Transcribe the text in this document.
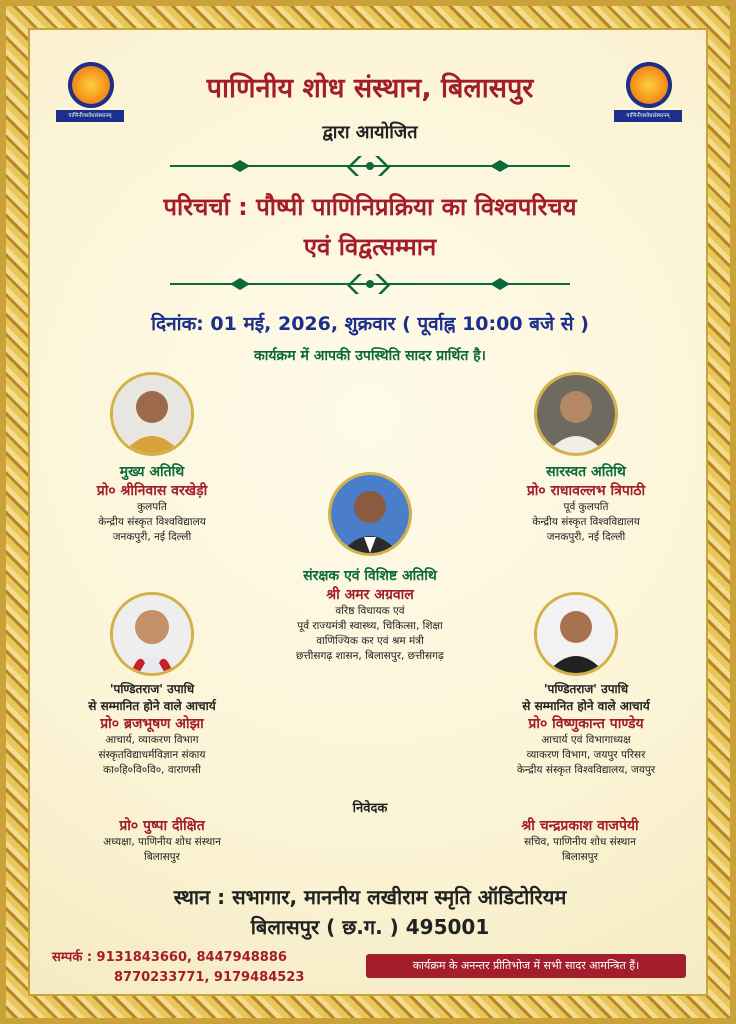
पाणिनीयशोधसंस्थानम्	पाणिनीयशोधसंस्थानम्
पाणिनीय शोध संस्थान, बिलासपुर
द्वारा आयोजित
परिचर्चा : पौष्पी पाणिनिप्रक्रिया का विश्वपरिचय
एवं विद्वत्सम्मान
दिनांक: 01 मई, 2026, शुक्रवार ( पूर्वाह्न 10:00 बजे से )
कार्यक्रम में आपकी उपस्थिति सादर प्रार्थित है।
मुख्य अतिथि
प्रो० श्रीनिवास वरखेड़ी
कुलपति
केन्द्रीय संस्कृत विश्वविद्यालय
जनकपुरी, नई दिल्ली
सारस्वत अतिथि
प्रो० राधावल्लभ त्रिपाठी
पूर्व कुलपति
केन्द्रीय संस्कृत विश्वविद्यालय
जनकपुरी, नई दिल्ली
संरक्षक एवं विशिष्ट अतिथि
श्री अमर अग्रवाल
वरिष्ठ विधायक एवं
पूर्व राज्यमंत्री स्वास्थ्य, चिकित्सा, शिक्षा
वाणिज्यिक कर एवं श्रम मंत्री
छत्तीसगढ़ शासन, बिलासपुर, छत्तीसगढ़
'पण्डितराज' उपाधि
से सम्मानित होने वाले आचार्य
प्रो० ब्रजभूषण ओझा
आचार्य, व्याकरण विभाग
संस्कृतविद्याधर्मविज्ञान संकाय
का०हि०वि०वि०, वाराणसी
'पण्डितराज' उपाधि
से सम्मानित होने वाले आचार्य
प्रो० विष्णुकान्त पाण्डेय
आचार्य एवं विभागाध्यक्ष
व्याकरण विभाग, जयपुर परिसर
केन्द्रीय संस्कृत विश्वविद्यालय, जयपुर
निवेदक
प्रो० पुष्पा दीक्षित
अध्यक्षा, पाणिनीय शोध संस्थान
बिलासपुर
श्री चन्द्रप्रकाश वाजपेयी
सचिव, पाणिनीय शोध संस्थान
बिलासपुर
स्थान : सभागार, माननीय लखीराम स्मृति ऑडिटोरियम
बिलासपुर ( छ.ग. ) 495001
सम्पर्क : 9131843660, 8447948886
8770233771, 9179484523
कार्यक्रम के अनन्तर प्रीतिभोज में सभी सादर आमन्त्रित हैं।
